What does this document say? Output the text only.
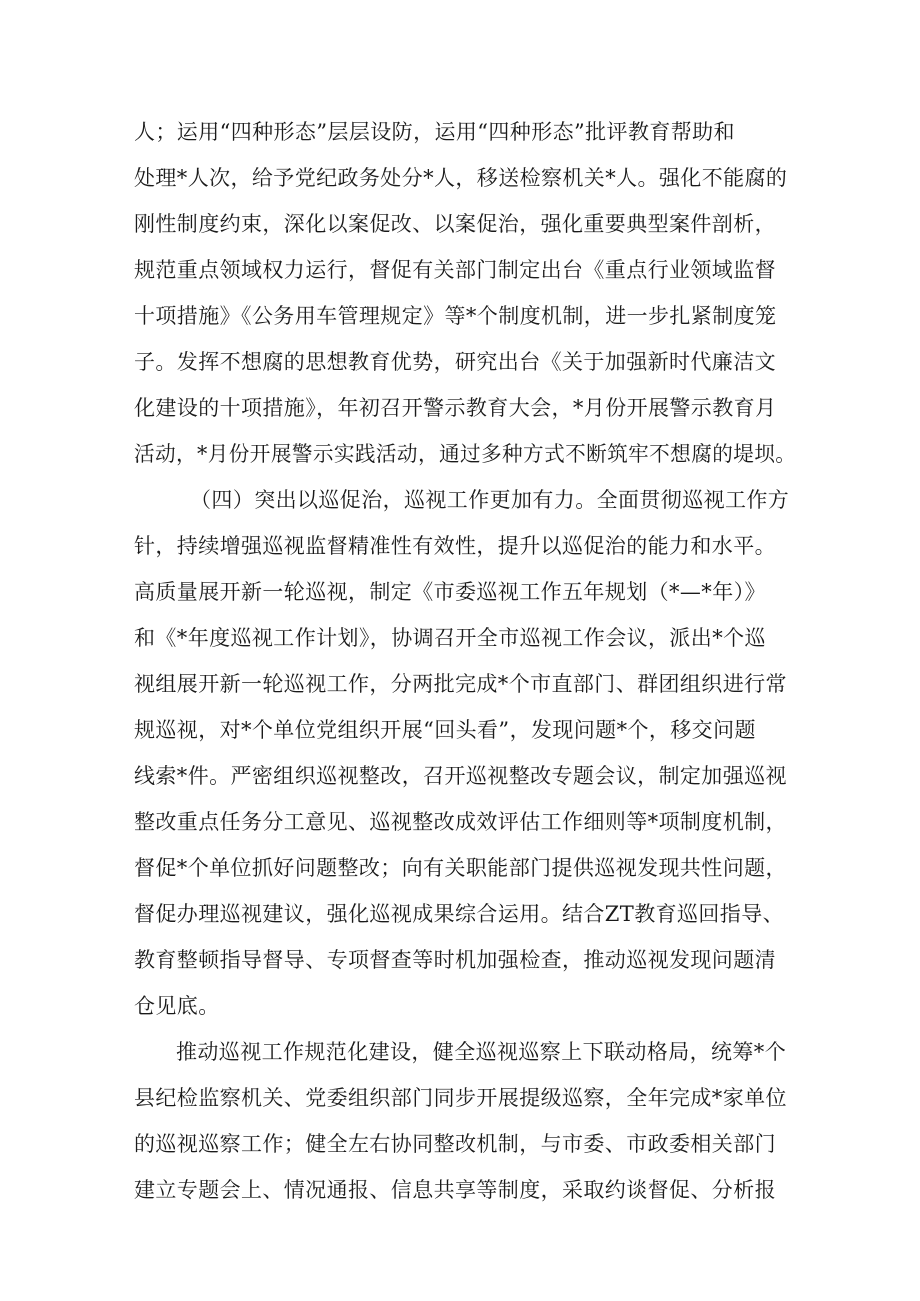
人；运用“四种形态”层层设防，运用“四种形态”批评教育帮助和
处理*人次，给予党纪政务处分*人，移送检察机关*人。强化不能腐的
刚性制度约束，深化以案促改、以案促治，强化重要典型案件剖析，
规范重点领域权力运行，督促有关部门制定出台《重点行业领域监督
十项措施》《公务用车管理规定》等*个制度机制，进一步扎紧制度笼
子。发挥不想腐的思想教育优势，研究出台《关于加强新时代廉洁文
化建设的十项措施》，年初召开警示教育大会，*月份开展警示教育月
活动，*月份开展警示实践活动，通过多种方式不断筑牢不想腐的堤坝。
（四）突出以巡促治，巡视工作更加有力。全面贯彻巡视工作方
针，持续增强巡视监督精准性有效性，提升以巡促治的能力和水平。
高质量展开新一轮巡视，制定《市委巡视工作五年规划（*—*年）》
和《*年度巡视工作计划》，协调召开全市巡视工作会议，派出*个巡
视组展开新一轮巡视工作，分两批完成*个市直部门、群团组织进行常
规巡视，对*个单位党组织开展“回头看”，发现问题*个，移交问题
线索*件。严密组织巡视整改，召开巡视整改专题会议，制定加强巡视
整改重点任务分工意见、巡视整改成效评估工作细则等*项制度机制，
督促*个单位抓好问题整改；向有关职能部门提供巡视发现共性问题，
督促办理巡视建议，强化巡视成果综合运用。结合ZT教育巡回指导、
教育整顿指导督导、专项督查等时机加强检查，推动巡视发现问题清
仓见底。
推动巡视工作规范化建设，健全巡视巡察上下联动格局，统筹*个
县纪检监察机关、党委组织部门同步开展提级巡察，全年完成*家单位
的巡视巡察工作；健全左右协同整改机制，与市委、市政委相关部门
建立专题会上、情况通报、信息共享等制度，采取约谈督促、分析报
